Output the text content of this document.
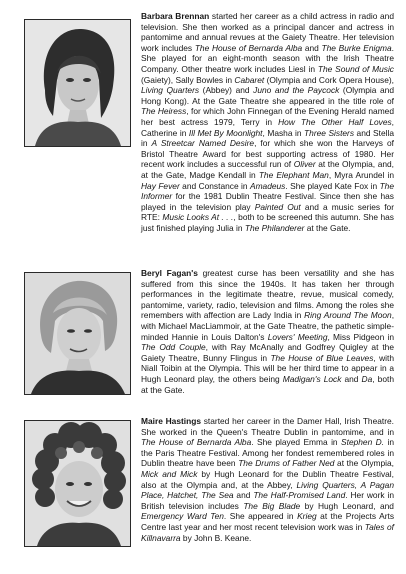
Barbara Brennan started her career as a child actress in radio and television. She then worked as a principal dancer and actress in pantomime and annual revues at the Gaiety Theatre. Her television work includes The House of Bernarda Alba and The Burke Enigma. She played for an eight-month season with the Irish Theatre Company. Other theatre work includes Liesl in The Sound of Music (Gaiety), Sally Bowles in Cabaret (Olympia and Cork Opera House), Living Quarters (Abbey) and Juno and the Paycock (Olympia and Hong Kong). At the Gate Theatre she appeared in the title role of The Heiress, for which John Finnegan of the Evening Herald named her best actress 1979, Terry in How The Other Half Loves, Catherine in Ill Met By Moonlight, Masha in Three Sisters and Stella in A Streetcar Named Desire, for which she won the Harveys of Bristol Theatre Award for best supporting actress of 1980. Her recent work includes a successful run of Oliver at the Olympia, and, at the Gate, Madge Kendall in The Elephant Man, Myra Arundel in Hay Fever and Constance in Amadeus. She played Kate Fox in The Informer for the 1981 Dublin Theatre Festival. Since then she has played in the television play Painted Out and a music series for RTE: Music Looks At . . ., both to be screened this autumn. She has just finished playing Julia in The Philanderer at the Gate.
Beryl Fagan's greatest curse has been versatility and she has suffered from this since the 1940s. It has taken her through performances in the legitimate theatre, revue, musical comedy, pantomime, variety, radio, television and films. Among the roles she remembers with affection are Lady India in Ring Around The Moon, with Michael MacLiammoir, at the Gate Theatre, the pathetic simple-minded Hannie in Louis Dalton's Lovers' Meeting, Miss Pidgeon in The Odd Couple, with Ray McAnally and Godfrey Quigley at the Gaiety Theatre, Bunny Flingus in The House of Blue Leaves, with Niall Toibin at the Olympia. This will be her third time to appear in a Hugh Leonard play, the others being Madigan's Lock and Da, both at the Gate.
Maire Hastings started her career in the Damer Hall, Irish Theatre. She worked in the Queen's Theatre Dublin in pantomime, and in The House of Bernarda Alba. She played Emma in Stephen D. in the Paris Theatre Festival. Among her fondest remembered roles in Dublin theatre have been The Drums of Father Ned at the Olympia, Mick and Mick by Hugh Leonard for the Dublin Theatre Festival, also at the Olympia and, at the Abbey, Living Quarters, A Pagan Place, Hatchet, The Sea and The Half-Promised Land. Her work in British television includes The Big Blade by Hugh Leonard, and Emergency Ward Ten. She appeared in Krieg at the Projects Arts Centre last year and her most recent television work was in Tales of Killnavarra by John B. Keane.
